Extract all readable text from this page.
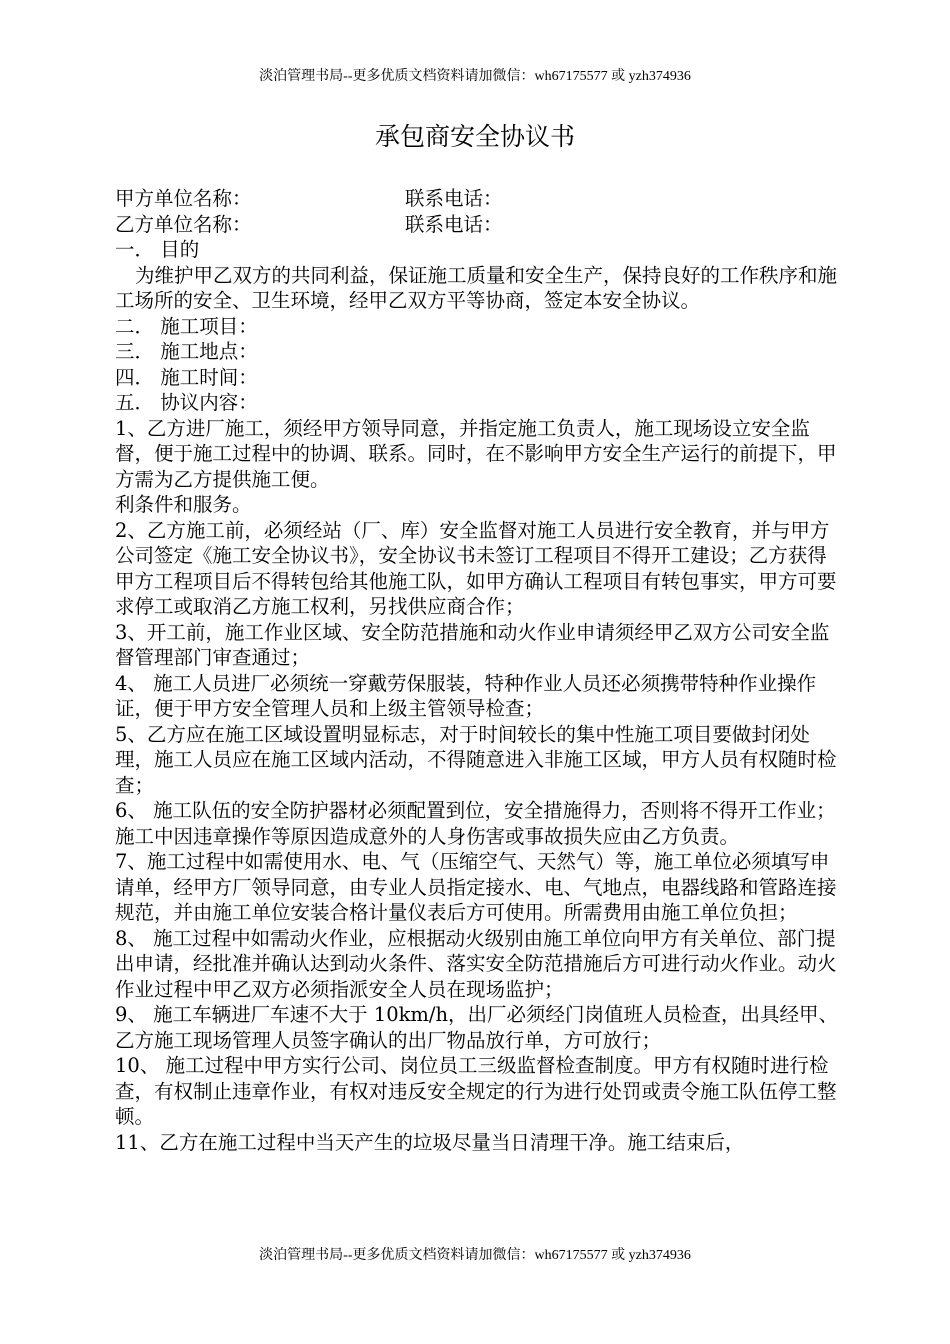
淡泊管理书局--更多优质文档资料请加微信：wh67175577 或 yzh374936
承包商安全协议书
甲方单位名称：	联系电话：
乙方单位名称：	联系电话：

一． 目的

为维护甲乙双方的共同利益，保证施工质量和安全生产，保持良好的工作秩序和施工场所的安全、卫生环境，经甲乙双方平等协商，签定本安全协议。

二． 施工项目：

三． 施工地点：

四． 施工时间：

五． 协议内容：

1、乙方进厂施工，须经甲方领导同意，并指定施工负责人，施工现场设立安全监督，便于施工过程中的协调、联系。同时，在不影响甲方安全生产运行的前提下，甲方需为乙方提供施工便。

利条件和服务。

2、乙方施工前，必须经站（厂、库）安全监督对施工人员进行安全教育，并与甲方公司签定《施工安全协议书》，安全协议书未签订工程项目不得开工建设；乙方获得甲方工程项目后不得转包给其他施工队，如甲方确认工程项目有转包事实，甲方可要求停工或取消乙方施工权利，另找供应商合作；

3、开工前，施工作业区域、安全防范措施和动火作业申请须经甲乙双方公司安全监督管理部门审查通过；

4、 施工人员进厂必须统一穿戴劳保服装，特种作业人员还必须携带特种作业操作证，便于甲方安全管理人员和上级主管领导检查；

5、乙方应在施工区域设置明显标志，对于时间较长的集中性施工项目要做封闭处理，施工人员应在施工区域内活动，不得随意进入非施工区域，甲方人员有权随时检查；

6、 施工队伍的安全防护器材必须配置到位，安全措施得力，否则将不得开工作业；施工中因违章操作等原因造成意外的人身伤害或事故损失应由乙方负责。

7、施工过程中如需使用水、电、气（压缩空气、天然气）等，施工单位必须填写申请单，经甲方厂领导同意，由专业人员指定接水、电、气地点，电器线路和管路连接规范，并由施工单位安装合格计量仪表后方可使用。所需费用由施工单位负担；

8、 施工过程中如需动火作业，应根据动火级别由施工单位向甲方有关单位、部门提出申请，经批准并确认达到动火条件、落实安全防范措施后方可进行动火作业。动火作业过程中甲乙双方必须指派安全人员在现场监护；

9、 施工车辆进厂车速不大于 10km/h，出厂必须经门岗值班人员检查，出具经甲、乙方施工现场管理人员签字确认的出厂物品放行单，方可放行；

10、 施工过程中甲方实行公司、岗位员工三级监督检查制度。甲方有权随时进行检查，有权制止违章作业，有权对违反安全规定的行为进行处罚或责令施工队伍停工整顿。

11、乙方在施工过程中当天产生的垃圾尽量当日清理干净。施工结束后，

淡泊管理书局--更多优质文档资料请加微信：wh67175577 或 yzh374936
